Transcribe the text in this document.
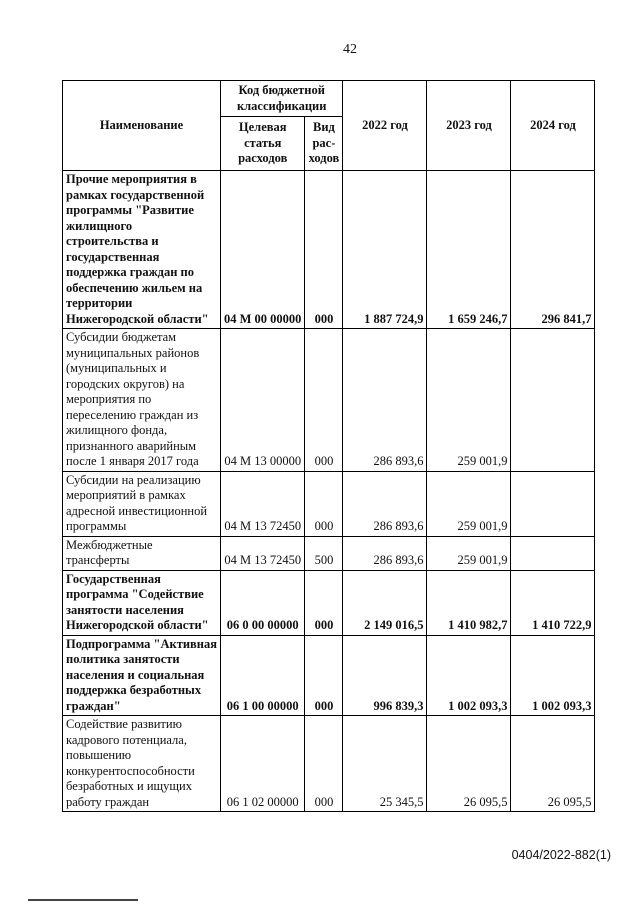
42
Наименование	Код бюджетной классификации		2022 год	2023 год	2024 год
	Целевая статья расходов	Вид рас-ходов			
Прочие мероприятия в рамках государственной программы "Развитие жилищного строительства и государственная поддержка граждан по обеспечению жильем на территории Нижегородской области"	04 М 00 00000	000	1 887 724,9	1 659 246,7	296 841,7
Субсидии бюджетам муниципальных районов (муниципальных и городских округов) на мероприятия по переселению граждан из жилищного фонда, признанного аварийным после 1 января 2017 года	04 М 13 00000	000	286 893,6	259 001,9	
Субсидии на реализацию мероприятий в рамках адресной инвестиционной программы	04 М 13 72450	000	286 893,6	259 001,9	
Межбюджетные трансферты	04 М 13 72450	500	286 893,6	259 001,9	
Государственная программа "Содействие занятости населения Нижегородской области"	06 0 00 00000	000	2 149 016,5	1 410 982,7	1 410 722,9
Подпрограмма "Активная политика занятости населения и социальная поддержка безработных граждан"	06 1 00 00000	000	996 839,3	1 002 093,3	1 002 093,3
Содействие развитию кадрового потенциала, повышению конкурентоспособности безработных и ищущих работу граждан	06 1 02 00000	000	25 345,5	26 095,5	26 095,5
0404/2022-882(1)
